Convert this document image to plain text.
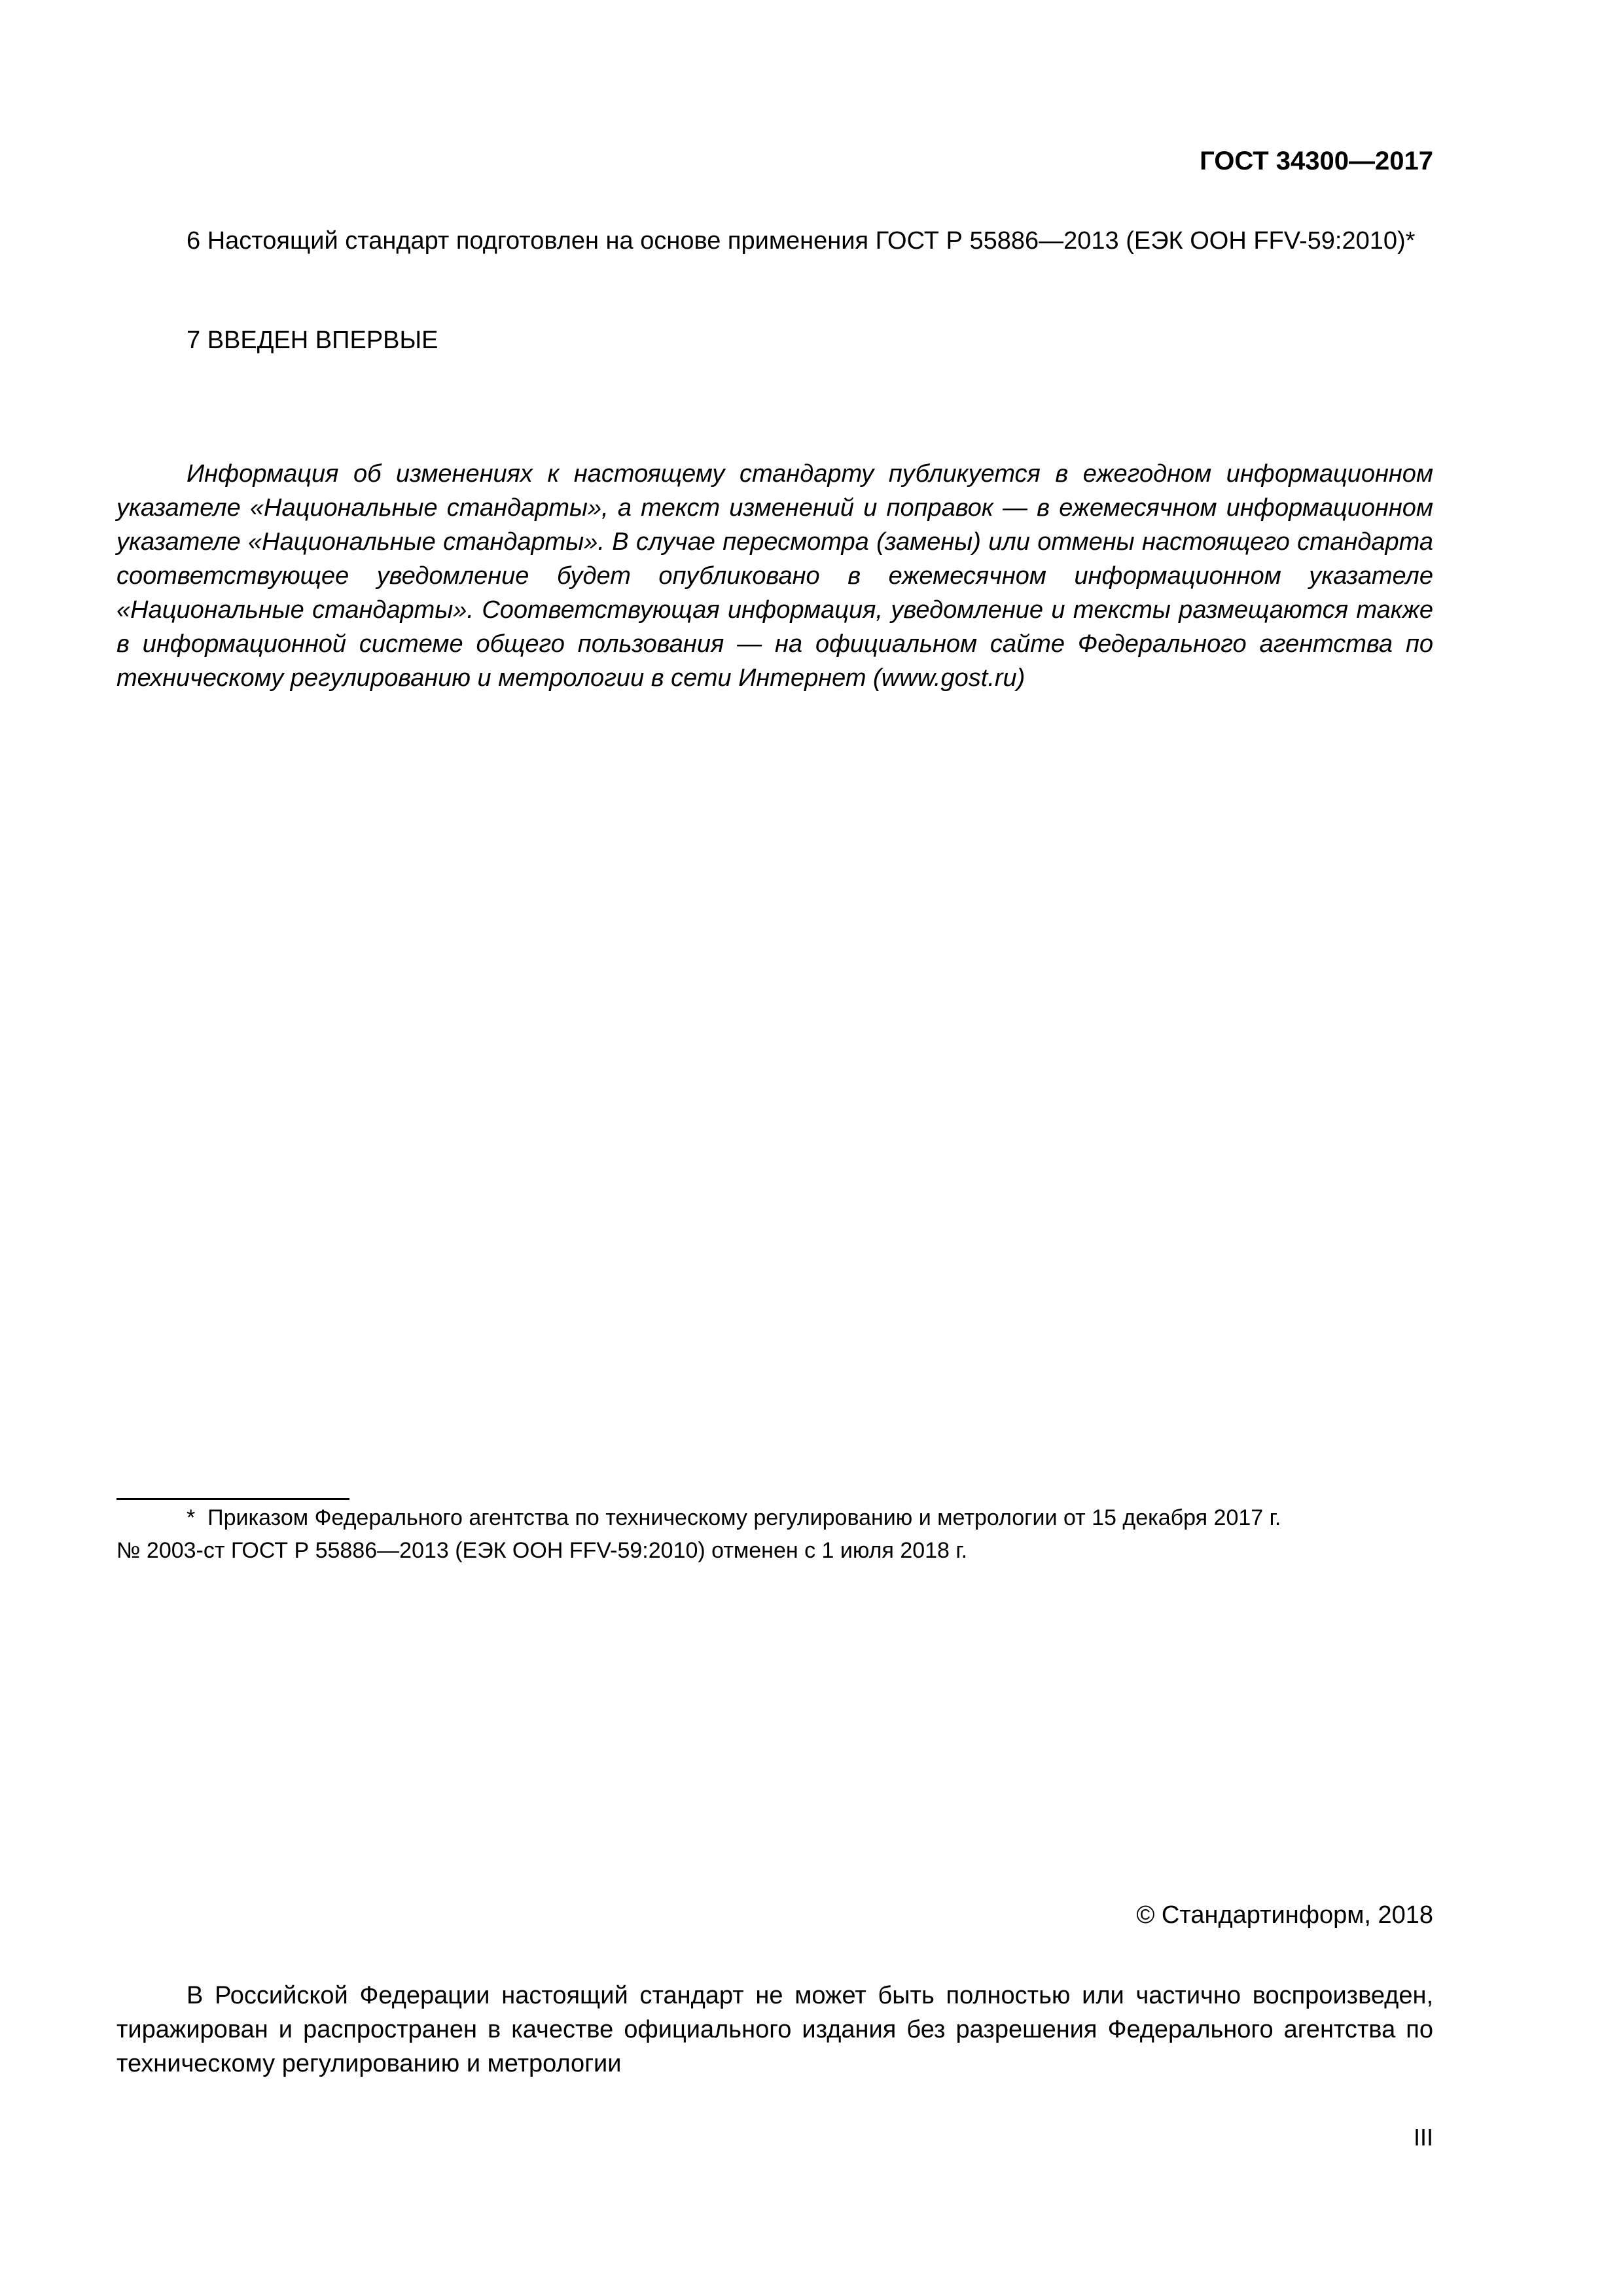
ГОСТ 34300—2017

6 Настоящий стандарт подготовлен на основе применения ГОСТ Р 55886—2013 (ЕЭК ООН FFV-59:2010)*

7 ВВЕДЕН ВПЕРВЫЕ

Информация об изменениях к настоящему стандарту публикуется в ежегодном информационном указателе «Национальные стандарты», а текст изменений и поправок — в ежемесячном информационном указателе «Национальные стандарты». В случае пересмотра (замены) или отмены настоящего стандарта соответствующее уведомление будет опубликовано в ежемесячном информационном указателе «Национальные стандарты». Соответствующая информация, уведомление и тексты размещаются также в информационной системе общего пользования — на официальном сайте Федерального агентства по техническому регулированию и метрологии в сети Интернет (www.gost.ru)

* Приказом Федерального агентства по техническому регулированию и метрологии от 15 декабря 2017 г.
№ 2003-ст ГОСТ Р 55886—2013 (ЕЭК ООН FFV-59:2010) отменен с 1 июля 2018 г.

© Стандартинформ, 2018

В Российской Федерации настоящий стандарт не может быть полностью или частично воспроизведен, тиражирован и распространен в качестве официального издания без разрешения Федерального агентства по техническому регулированию и метрологии

III
